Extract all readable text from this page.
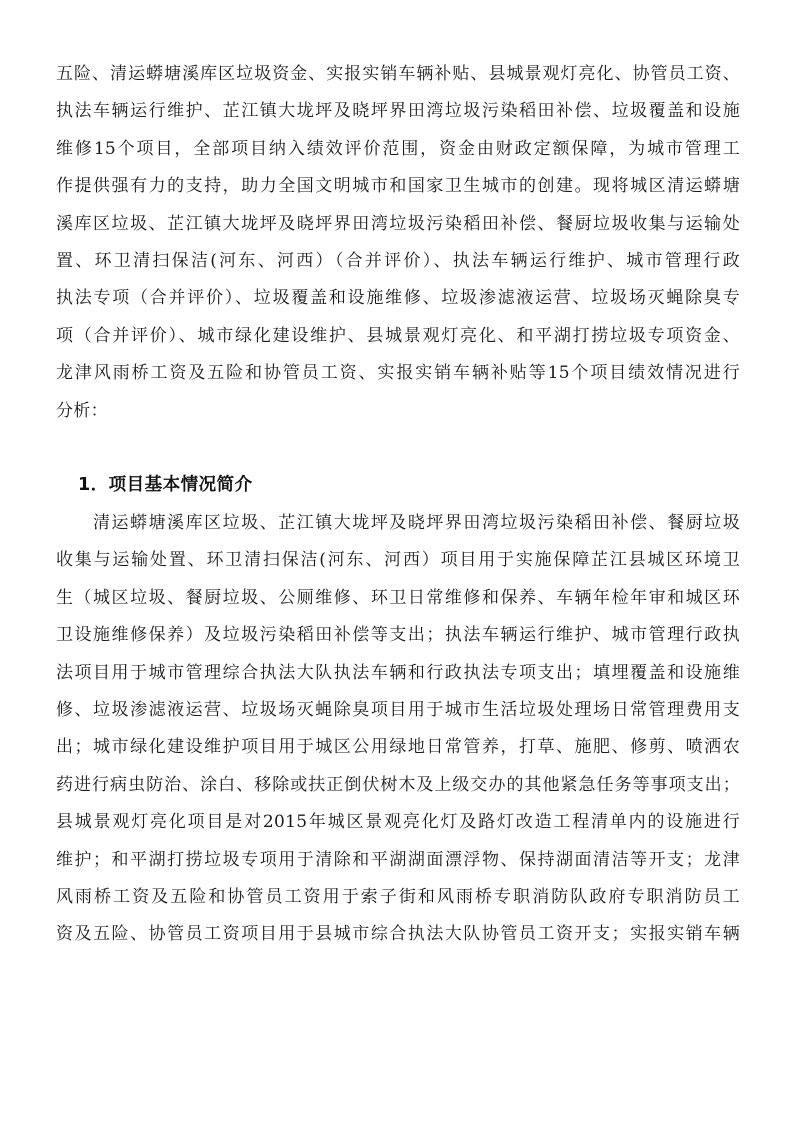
五险、清运蟒塘溪库区垃圾资金、实报实销车辆补贴、县城景观灯亮化、协管员工资、
执法车辆运行维护、芷江镇大垅坪及晓坪界田湾垃圾污染稻田补偿、垃圾覆盖和设施
维修15个项目，全部项目纳入绩效评价范围，资金由财政定额保障，为城市管理工
作提供强有力的支持，助力全国文明城市和国家卫生城市的创建。现将城区清运蟒塘
溪库区垃圾、芷江镇大垅坪及晓坪界田湾垃圾污染稻田补偿、餐厨垃圾收集与运输处
置、环卫清扫保洁(河东、河西）（合并评价）、执法车辆运行维护、城市管理行政
执法专项（合并评价）、垃圾覆盖和设施维修、垃圾渗滤液运营、垃圾场灭蝇除臭专
项（合并评价）、城市绿化建设维护、县城景观灯亮化、和平湖打捞垃圾专项资金、
龙津风雨桥工资及五险和协管员工资、实报实销车辆补贴等15个项目绩效情况进行
分析：
1．项目基本情况简介
　　清运蟒塘溪库区垃圾、芷江镇大垅坪及晓坪界田湾垃圾污染稻田补偿、餐厨垃圾
收集与运输处置、环卫清扫保洁(河东、河西）项目用于实施保障芷江县城区环境卫
生（城区垃圾、餐厨垃圾、公厕维修、环卫日常维修和保养、车辆年检年审和城区环
卫设施维修保养）及垃圾污染稻田补偿等支出；执法车辆运行维护、城市管理行政执
法项目用于城市管理综合执法大队执法车辆和行政执法专项支出；填埋覆盖和设施维
修、垃圾渗滤液运营、垃圾场灭蝇除臭项目用于城市生活垃圾处理场日常管理费用支
出；城市绿化建设维护项目用于城区公用绿地日常管养，打草、施肥、修剪、喷洒农
药进行病虫防治、涂白、移除或扶正倒伏树木及上级交办的其他紧急任务等事项支出；
县城景观灯亮化项目是对2015年城区景观亮化灯及路灯改造工程清单内的设施进行
维护；和平湖打捞垃圾专项用于清除和平湖湖面漂浮物、保持湖面清洁等开支；龙津
风雨桥工资及五险和协管员工资用于索子街和风雨桥专职消防队政府专职消防员工
资及五险、协管员工资项目用于县城市综合执法大队协管员工资开支；实报实销车辆
